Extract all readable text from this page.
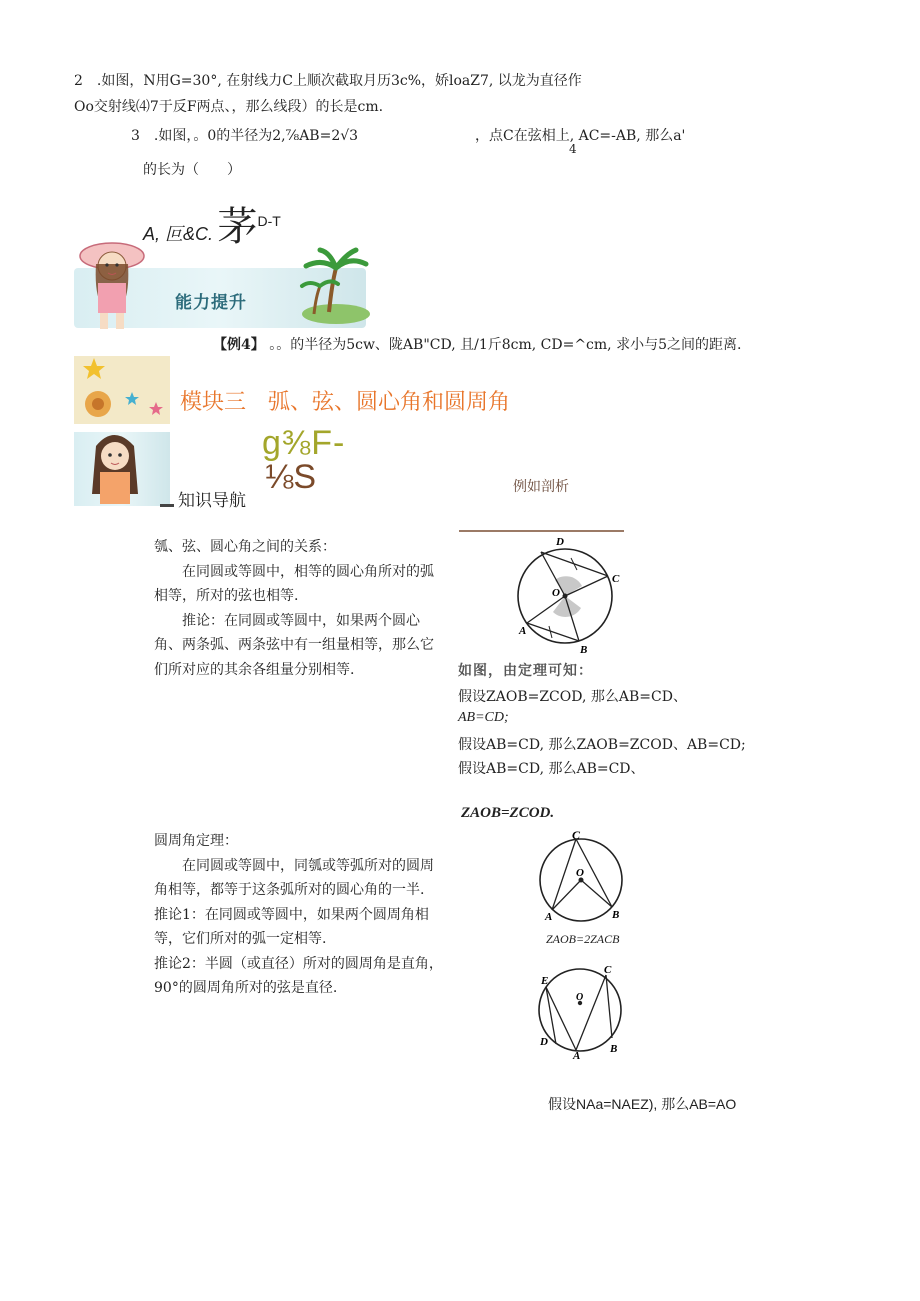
2　.如图，N用G=30°, 在射线力C上顺次截取月历3c%，娇loaZ7, 以龙为直径作
Oo交射线⑷7于反F两点、，那么线段）的长是cm.
3　.如图，。0的半径为2,⅞AB=2√3	，点C在弦相上, AC=-AB, 那么a'
4
的长为（　　）
A, 叵&C. 茅D-T
能力提升
【例4】 。。的半径为5cw、陇AB"CD, 且/1斤8cm, CD=^cm, 求小与5之间的距离.
模块三　弧、弦、圆心角和圆周角
g⅜F-
⅛S
知识导航
例如剖析

瓠、弦、圆心角之间的关系：

在同圆或等圆中，相等的圆心角所对的弧相等，所对的弦也相等.

推论：在同圆或等圆中，如果两个圆心角、两条弧、两条弦中有一组量相等，那么它们所对应的其余各组量分别相等.

圆周角定理：

在同圆或等圆中，同瓠或等弧所对的圆周角相等，都等于这条弧所对的圆心角的一半.

推论1：在同圆或等圆中，如果两个圆周角相等，它们所对的弧一定相等.

推论2：半圆（或直径）所对的圆周角是直角，90°的圆周角所对的弦是直径.

D
C
O
A
B
如图，由定理可知：
假设ZAOB=ZCOD, 那么AB=CD、
AB=CD;
假设AB=CD, 那么ZAOB=ZCOD、AB=CD;
假设AB=CD, 那么AB=CD、
ZAOB=ZCOD.
C
O
A	B
ZAOB=2ZACB
E
C
O
D
A
B
假设NAa=NAEZ), 那么AB=AO
